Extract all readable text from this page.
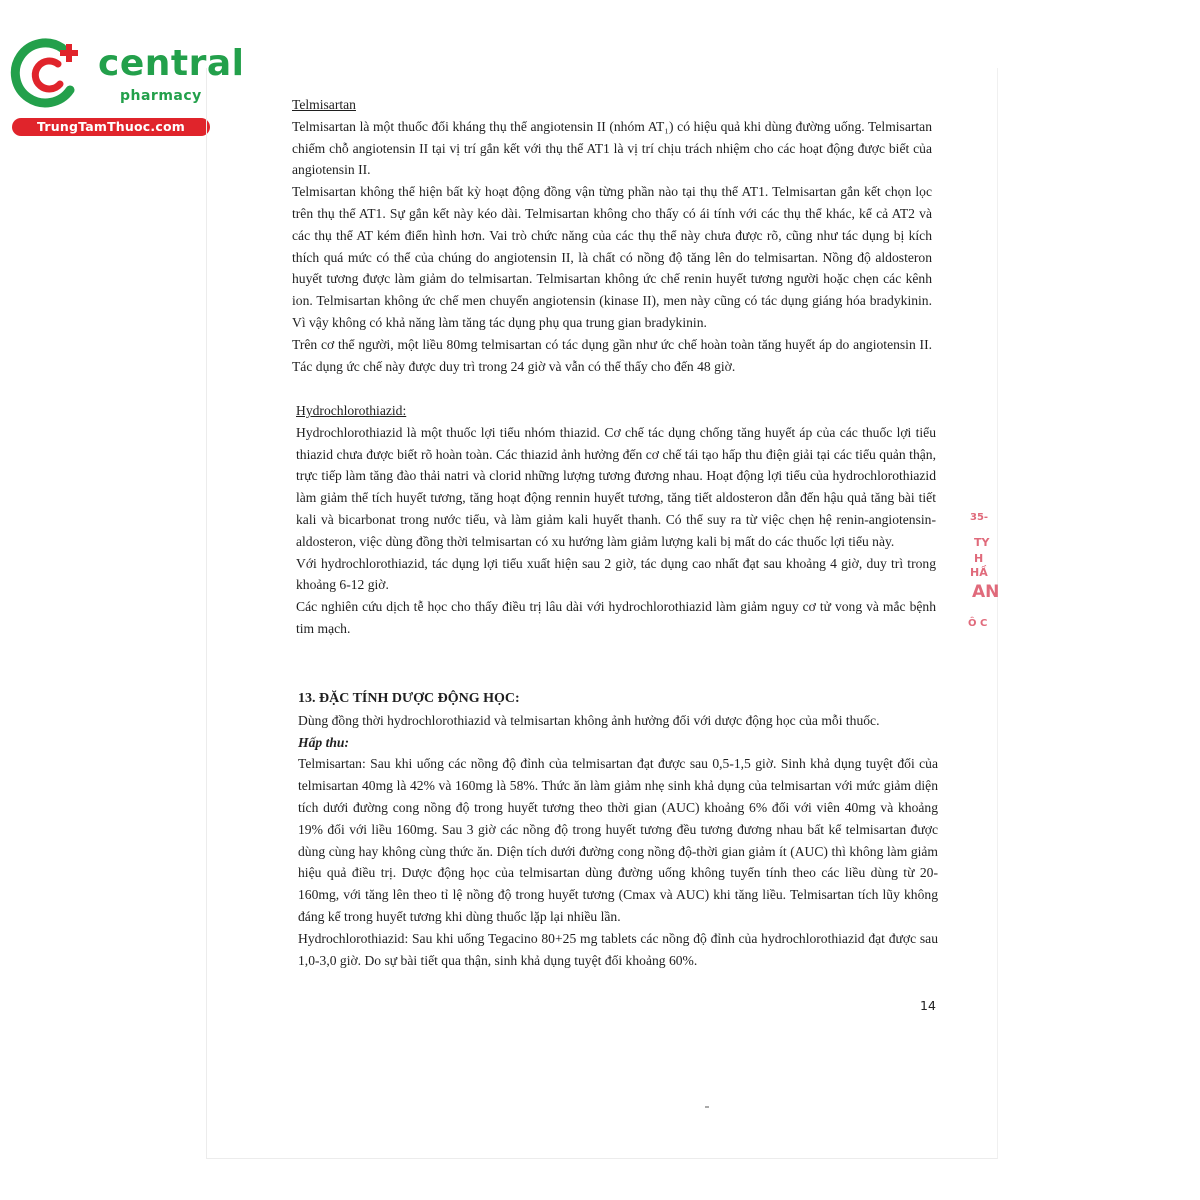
central
pharmacy
TrungTamThuoc.com

Telmisartan

Telmisartan là một thuốc đối kháng thụ thể angiotensin II (nhóm AT₁) có hiệu quả khi dùng đường uống. Telmisartan chiếm chỗ angiotensin II tại vị trí gắn kết với thụ thể AT1 là vị trí chịu trách nhiệm cho các hoạt động được biết của angiotensin II.

Telmisartan không thể hiện bất kỳ hoạt động đồng vận từng phần nào tại thụ thể AT1. Telmisartan gắn kết chọn lọc trên thụ thể AT1. Sự gắn kết này kéo dài. Telmisartan không cho thấy có ái tính với các thụ thể khác, kể cả AT2 và các thụ thể AT kém điển hình hơn. Vai trò chức năng của các thụ thể này chưa được rõ, cũng như tác dụng bị kích thích quá mức có thể của chúng do angiotensin II, là chất có nồng độ tăng lên do telmisartan. Nồng độ aldosteron huyết tương được làm giảm do telmisartan. Telmisartan không ức chế renin huyết tương người hoặc chẹn các kênh ion. Telmisartan không ức chế men chuyển angiotensin (kinase II), men này cũng có tác dụng giáng hóa bradykinin. Vì vậy không có khả năng làm tăng tác dụng phụ qua trung gian bradykinin.

Trên cơ thể người, một liều 80mg telmisartan có tác dụng gần như ức chế hoàn toàn tăng huyết áp do angiotensin II. Tác dụng ức chế này được duy trì trong 24 giờ và vẫn có thể thấy cho đến 48 giờ.

Hydrochlorothiazid:

Hydrochlorothiazid là một thuốc lợi tiểu nhóm thiazid. Cơ chế tác dụng chống tăng huyết áp của các thuốc lợi tiểu thiazid chưa được biết rõ hoàn toàn. Các thiazid ảnh hưởng đến cơ chế tái tạo hấp thu điện giải tại các tiểu quản thận, trực tiếp làm tăng đào thải natri và clorid những lượng tương đương nhau. Hoạt động lợi tiểu của hydrochlorothiazid làm giảm thể tích huyết tương, tăng hoạt động rennin huyết tương, tăng tiết aldosteron dẫn đến hậu quả tăng bài tiết kali và bicarbonat trong nước tiểu, và làm giảm kali huyết thanh. Có thể suy ra từ việc chẹn hệ renin-angiotensin-aldosteron, việc dùng đồng thời telmisartan có xu hướng làm giảm lượng kali bị mất do các thuốc lợi tiểu này.

Với hydrochlorothiazid, tác dụng lợi tiểu xuất hiện sau 2 giờ, tác dụng cao nhất đạt sau khoảng 4 giờ, duy trì trong khoảng 6-12 giờ.

Các nghiên cứu dịch tễ học cho thấy điều trị lâu dài với hydrochlorothiazid làm giảm nguy cơ tử vong và mắc bệnh tim mạch.

13. ĐẶC TÍNH DƯỢC ĐỘNG HỌC:

Dùng đồng thời hydrochlorothiazid và telmisartan không ảnh hưởng đối với dược động học của mỗi thuốc.

Hấp thu:

Telmisartan: Sau khi uống các nồng độ đỉnh của telmisartan đạt được sau 0,5-1,5 giờ. Sinh khả dụng tuyệt đối của telmisartan 40mg là 42% và 160mg là 58%. Thức ăn làm giảm nhẹ sinh khả dụng của telmisartan với mức giảm diện tích dưới đường cong nồng độ trong huyết tương theo thời gian (AUC) khoảng 6% đối với viên 40mg và khoảng 19% đối với liều 160mg. Sau 3 giờ các nồng độ trong huyết tương đều tương đương nhau bất kể telmisartan được dùng cùng hay không cùng thức ăn. Diện tích dưới đường cong nồng độ-thời gian giảm ít (AUC) thì không làm giảm hiệu quả điều trị. Dược động học của telmisartan dùng đường uống không tuyến tính theo các liều dùng từ 20-160mg, với tăng lên theo tỉ lệ nồng độ trong huyết tương (Cmax và AUC) khi tăng liều. Telmisartan tích lũy không đáng kể trong huyết tương khi dùng thuốc lặp lại nhiều lần.

Hydrochlorothiazid: Sau khi uống Tegacino 80+25 mg tablets các nồng độ đỉnh của hydrochlorothiazid đạt được sau 1,0-3,0 giờ. Do sự bài tiết qua thận, sinh khả dụng tuyệt đối khoảng 60%.

14
35-
TY
H
HẦ
AN
Ô C
